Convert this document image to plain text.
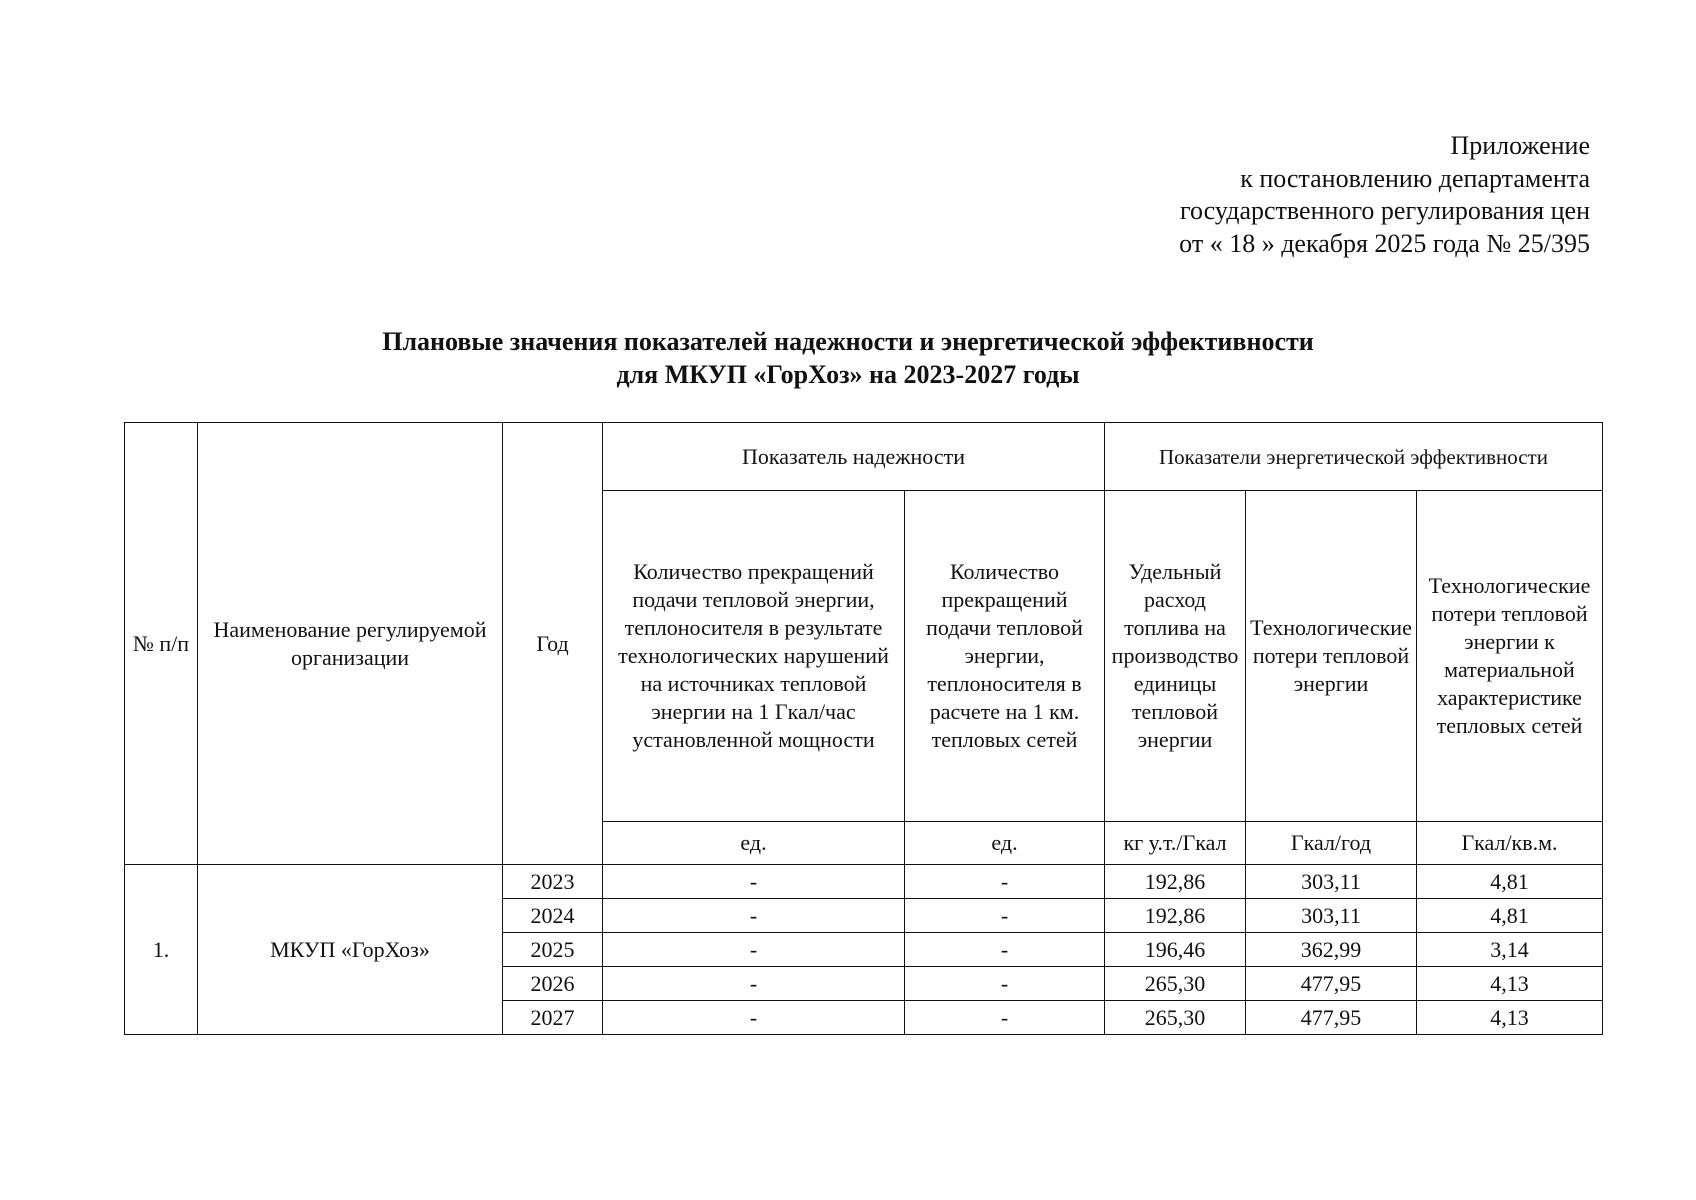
Приложение
к постановлению департамента
государственного регулирования цен
от « 18 » декабря 2025 года № 25/395
Плановые значения показателей надежности и энергетической эффективности
для МКУП «ГорХоз» на 2023-2027 годы
№ п/п	Наименование регулируемой организации	Год	Показатель надежности		Показатели энергетической эффективности		
			Количество прекращений подачи тепловой энергии, теплоносителя в результате технологических нарушений на источниках тепловой энергии на 1 Гкал/час установленной мощности	Количество прекращений подачи тепловой энергии, теплоносителя в расчете на 1 км. тепловых сетей	Удельный расход топлива на производство единицы тепловой энергии	Технологические потери тепловой энергии	Технологические потери тепловой энергии к материальной характеристике тепловых сетей
			ед.	ед.	кг у.т./Гкал	Гкал/год	Гкал/кв.м.
1.	МКУП «ГорХоз»	2023	-	-	192,86	303,11	4,81
		2024	-	-	192,86	303,11	4,81
		2025	-	-	196,46	362,99	3,14
		2026	-	-	265,30	477,95	4,13
		2027	-	-	265,30	477,95	4,13
